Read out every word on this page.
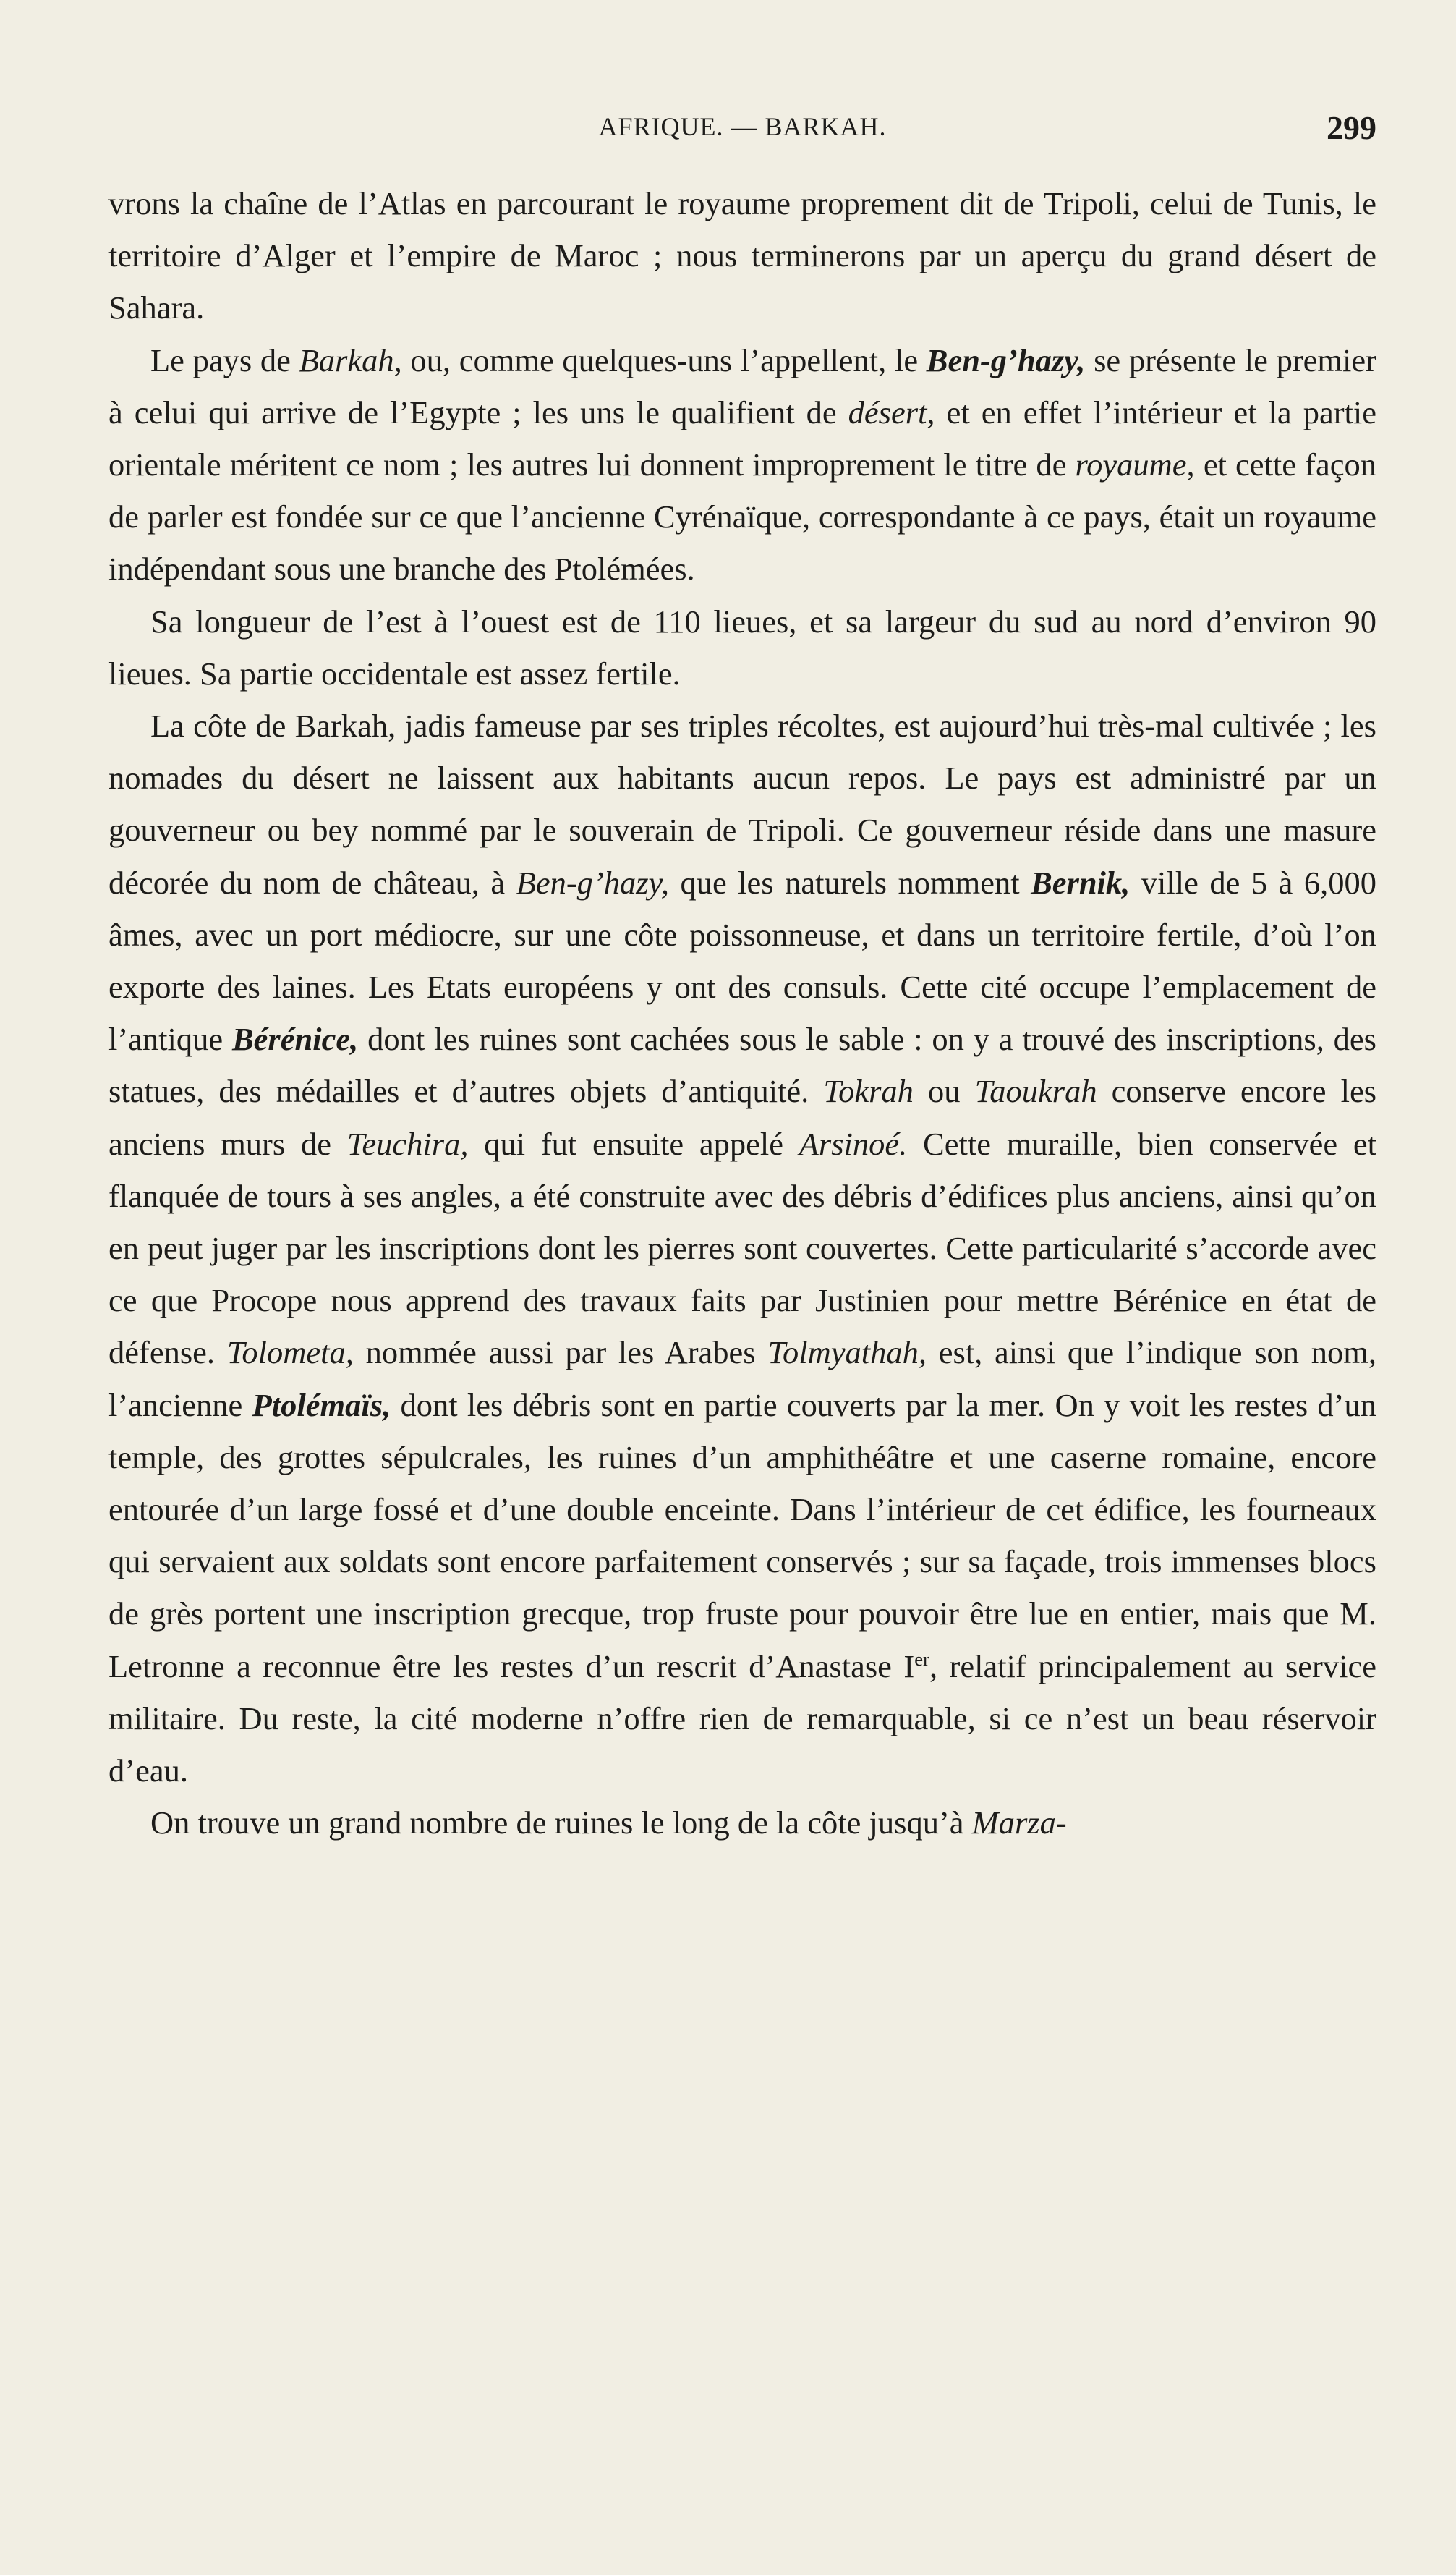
AFRIQUE. — BARKAH.	299

vrons la chaîne de l’Atlas en parcourant le royaume proprement dit de Tripoli, celui de Tunis, le territoire d’Alger et l’empire de Maroc ; nous terminerons par un aperçu du grand désert de Sahara.

Le pays de Barkah, ou, comme quelques-uns l’appellent, le Ben-g’hazy, se présente le premier à celui qui arrive de l’Egypte ; les uns le qualifient de désert, et en effet l’intérieur et la partie orientale méritent ce nom ; les autres lui donnent improprement le titre de royaume, et cette façon de parler est fondée sur ce que l’ancienne Cyrénaïque, correspondante à ce pays, était un royaume indépendant sous une branche des Ptolémées.

Sa longueur de l’est à l’ouest est de 110 lieues, et sa largeur du sud au nord d’environ 90 lieues. Sa partie occidentale est assez fertile.

La côte de Barkah, jadis fameuse par ses triples récoltes, est aujourd’hui très-mal cultivée ; les nomades du désert ne laissent aux habitants aucun repos. Le pays est administré par un gouverneur ou bey nommé par le souverain de Tripoli. Ce gouverneur réside dans une masure décorée du nom de château, à Ben-g’hazy, que les naturels nomment Bernik, ville de 5 à 6,000 âmes, avec un port médiocre, sur une côte poissonneuse, et dans un territoire fertile, d’où l’on exporte des laines. Les Etats européens y ont des consuls. Cette cité occupe l’emplacement de l’antique Bérénice, dont les ruines sont cachées sous le sable : on y a trouvé des inscriptions, des statues, des médailles et d’autres objets d’antiquité. Tokrah ou Taoukrah conserve encore les anciens murs de Teuchira, qui fut ensuite appelé Arsinoé. Cette muraille, bien conservée et flanquée de tours à ses angles, a été construite avec des débris d’édifices plus anciens, ainsi qu’on en peut juger par les inscriptions dont les pierres sont couvertes. Cette particularité s’accorde avec ce que Procope nous apprend des travaux faits par Justinien pour mettre Bérénice en état de défense. Tolometa, nommée aussi par les Arabes Tolmyathah, est, ainsi que l’indique son nom, l’ancienne Ptolémaïs, dont les débris sont en partie couverts par la mer. On y voit les restes d’un temple, des grottes sépulcrales, les ruines d’un amphithéâtre et une caserne romaine, encore entourée d’un large fossé et d’une double enceinte. Dans l’intérieur de cet édifice, les fourneaux qui servaient aux soldats sont encore parfaitement conservés ; sur sa façade, trois immenses blocs de grès portent une inscription grecque, trop fruste pour pouvoir être lue en entier, mais que M. Letronne a reconnue être les restes d’un rescrit d’Anastase Ier, relatif principalement au service militaire. Du reste, la cité moderne n’offre rien de remarquable, si ce n’est un beau réservoir d’eau.

On trouve un grand nombre de ruines le long de la côte jusqu’à Marza-
